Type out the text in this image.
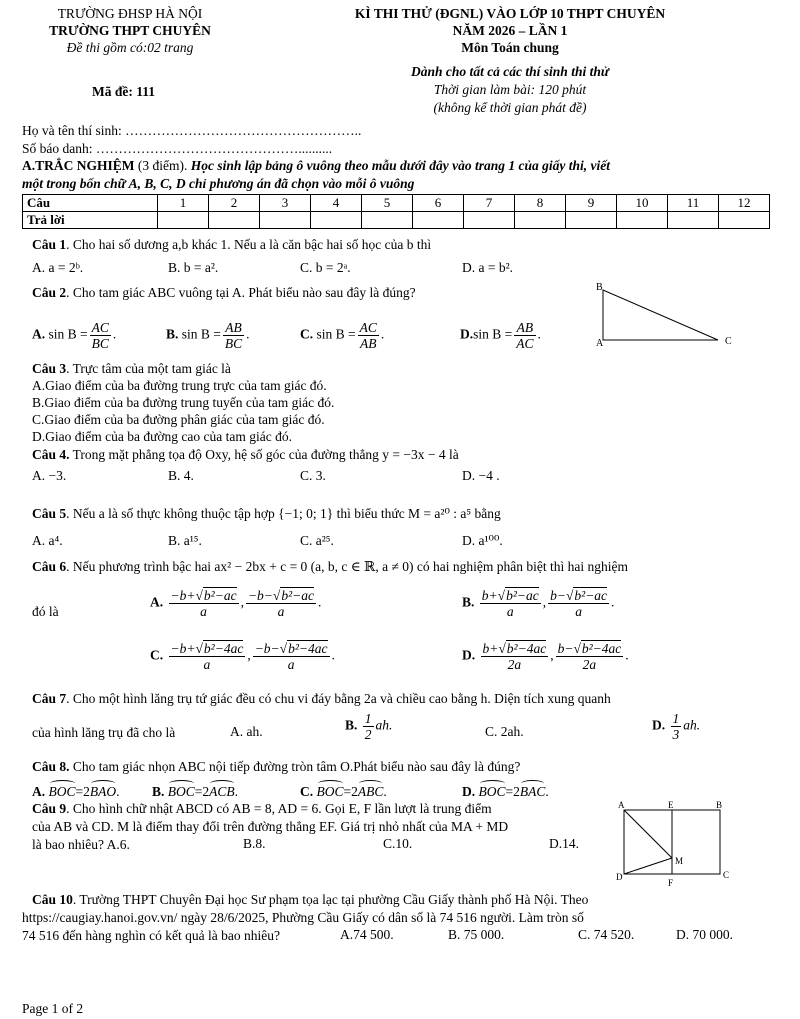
TRƯỜNG ĐHSP HÀ NỘI
TRƯỜNG THPT CHUYÊN
Đề thi gồm có:02 trang
Mã đề: 111
KÌ THI THỬ (ĐGNL) VÀO LỚP 10 THPT CHUYÊN
NĂM 2026 – LẦN 1
Môn Toán chung
Dành cho tất cả các thí sinh thi thử
Thời gian làm bài: 120 phút
(không kể thời gian phát đề)
Họ và tên thí sinh: ……………………………………………..
Số báo danh: ………………………………………..........
A.TRẮC NGHIỆM (3 điểm). Học sinh lập bảng ô vuông theo mẫu dưới đây vào trang 1 của giấy thi, viết
một trong bốn chữ A, B, C, D chỉ phương án đã chọn vào mỗi ô vuông
Câu	1	2	3	4	5	6	7	8	9	10	11	12
Trả lời												
Câu 1. Cho hai số dương a,b khác 1. Nếu a là căn bậc hai số học của b thì
A. a = 2ᵇ.	B. b = a².	C. b = 2ᵃ.	D. a = b².
Câu 2. Cho tam giác ABC vuông tại A. Phát biểu nào sau đây là đúng?
A. $\sin B = \frac{AC}{BC}$ .	B. $\sin B = \frac{AB}{BC}$ .	C. $\sin B = \frac{AC}{AB}$ .	D.sin $B = \frac{AB}{AC}$ .
B
A	C
Câu 3. Trực tâm của một tam giác là
A.Giao điểm của ba đường trung trực của tam giác đó.
B.Giao điểm của ba đường trung tuyến của tam giác đó.
C.Giao điểm của ba đường phân giác của tam giác đó.
D.Giao điểm của ba đường cao của tam giác đó.
Câu 4. Trong mặt phẳng tọa độ Oxy, hệ số góc của đường thẳng y = −3x − 4 là
A. −3.	B. 4.	C. 3.	D. −4 .
Câu 5. Nếu a là số thực không thuộc tập hợp {−1; 0; 1} thì biểu thức M = a²⁰ : a⁵ bằng
A. a⁴.	B. a¹⁵.	C. a²⁵.	D. a¹⁰⁰.
Câu 6. Nếu phương trình bậc hai ax² − 2bx + c = 0 (a, b, c ∈ ℝ, a ≠ 0) có hai nghiệm phân biệt thì hai nghiệm
đó là
A. $\frac{\text{−b+√b²−ac}}{a}$ , $\frac{\text{−b−√b²−ac}}{a}$ .	B. $\frac{\text{b+√b²−ac}}{a}$ , $\frac{\text{b−√b²−ac}}{a}$ .
C. $\frac{\text{−b+√b²−4ac}}{a}$ , $\frac{\text{−b−√b²−4ac}}{a}$ .	D. $\frac{\text{b+√b²−4ac}}{2a}$ , $\frac{\text{b−√b²−4ac}}{2a}$ .
Câu 7. Cho một hình lăng trụ tứ giác đều có chu vi đáy bằng 2a và chiều cao bằng h. Diện tích xung quanh
của hình lăng trụ đã cho là	A. ah.	B. $\frac{1}{2}$ ah.	C. 2ah.	D. $\frac{1}{3}$ ah.
Câu 8. Cho tam giác nhọn ABC nội tiếp đường tròn tâm O.Phát biểu nào sau đây là đúng?
A. BOC=2BAO. B. BOC=2ACB.	C. BOC=2ABC.	D. BOC=2BAC.
Câu 9. Cho hình chữ nhật ABCD có AB = 8, AD = 6. Gọi E, F lần lượt là trung điểm
của AB và CD. M là điểm thay đổi trên đường thẳng EF. Giá trị nhỏ nhất của MA + MD
là bao nhiêu? A.6.	B.8.	C.10.	D.14.
A	E	B
M
D
F
C
Câu 10. Trường THPT Chuyên Đại học Sư phạm tọa lạc tại phường Cầu Giấy thành phố Hà Nội. Theo
https://caugiay.hanoi.gov.vn/ ngày 28/6/2025, Phường Cầu Giấy có dân số là 74 516 người. Làm tròn số
74 516 đến hàng nghìn có kết quả là bao nhiêu?	A.74 500.	B. 75 000.	C. 74 520.	D. 70 000.
Page 1 of 2
